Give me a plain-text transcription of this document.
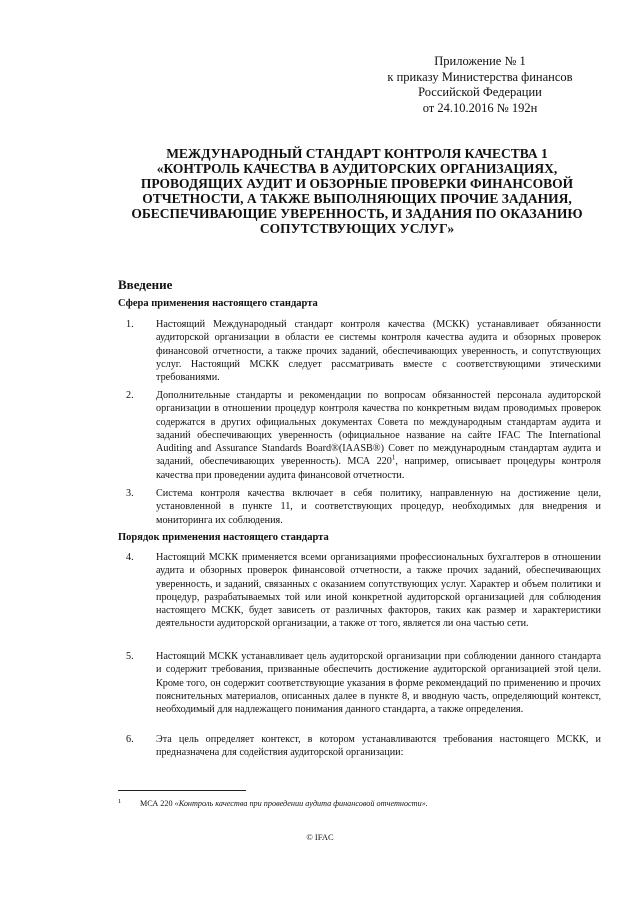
Приложение № 1
к приказу Министерства финансов
Российской Федерации
от 24.10.2016 № 192н
МЕЖДУНАРОДНЫЙ СТАНДАРТ КОНТРОЛЯ КАЧЕСТВА 1
«КОНТРОЛЬ КАЧЕСТВА В АУДИТОРСКИХ ОРГАНИЗАЦИЯХ,
ПРОВОДЯЩИХ АУДИТ И ОБЗОРНЫЕ ПРОВЕРКИ ФИНАНСОВОЙ
ОТЧЕТНОСТИ, А ТАКЖЕ ВЫПОЛНЯЮЩИХ ПРОЧИЕ ЗАДАНИЯ,
ОБЕСПЕЧИВАЮЩИЕ УВЕРЕННОСТЬ, И ЗАДАНИЯ ПО ОКАЗАНИЮ
СОПУТСТВУЮЩИХ УСЛУГ»
Введение
Сфера применения настоящего стандарта
1.	Настоящий Международный стандарт контроля качества (МСКК) устанавливает обязанности аудиторской организации в области ее системы контроля качества аудита и обзорных проверок финансовой отчетности, а также прочих заданий, обеспечивающих уверенность, и сопутствующих услуг. Настоящий МСКК следует рассматривать вместе с соответствующими этическими требованиями.
2.	Дополнительные стандарты и рекомендации по вопросам обязанностей персонала аудиторской организации в отношении процедур контроля качества по конкретным видам проводимых проверок содержатся в других официальных документах Совета по международным стандартам аудита и заданий обеспечивающих уверенность (официальное название на сайте IFAC The International Auditing and Assurance Standards Board®(IAASB®) Совет по международным стандартам аудита и заданий, обеспечивающих уверенность). МСА $220^1$, например, описывает процедуры контроля качества при проведении аудита финансовой отчетности.
3.	Система контроля качества включает в себя политику, направленную на достижение цели, установленной в пункте 11, и соответствующих процедур, необходимых для внедрения и мониторинга их соблюдения.
Порядок применения настоящего стандарта
4.	Настоящий МСКК применяется всеми организациями профессиональных бухгалтеров в отношении аудита и обзорных проверок финансовой отчетности, а также прочих заданий, обеспечивающих уверенность, и заданий, связанных с оказанием сопутствующих услуг. Характер и объем политики и процедур, разрабатываемых той или иной конкретной аудиторской организацией для соблюдения настоящего МСКК, будет зависеть от различных факторов, таких как размер и характеристики деятельности аудиторской организации, а также от того, является ли она частью сети.
5.	Настоящий МСКК устанавливает цель аудиторской организации при соблюдении данного стандарта и содержит требования, призванные обеспечить достижение аудиторской организацией этой цели. Кроме того, он содержит соответствующие указания в форме рекомендаций по применению и прочих пояснительных материалов, описанных далее в пункте 8, и вводную часть, определяющий контекст, необходимый для надлежащего понимания данного стандарта, а также определения.
6.	Эта цель определяет контекст, в котором устанавливаются требования настоящего МСКК, и предназначена для содействия аудиторской организации:
1 МСА 220 «Контроль качества при проведении аудита финансовой отчетности».
© IFAC
